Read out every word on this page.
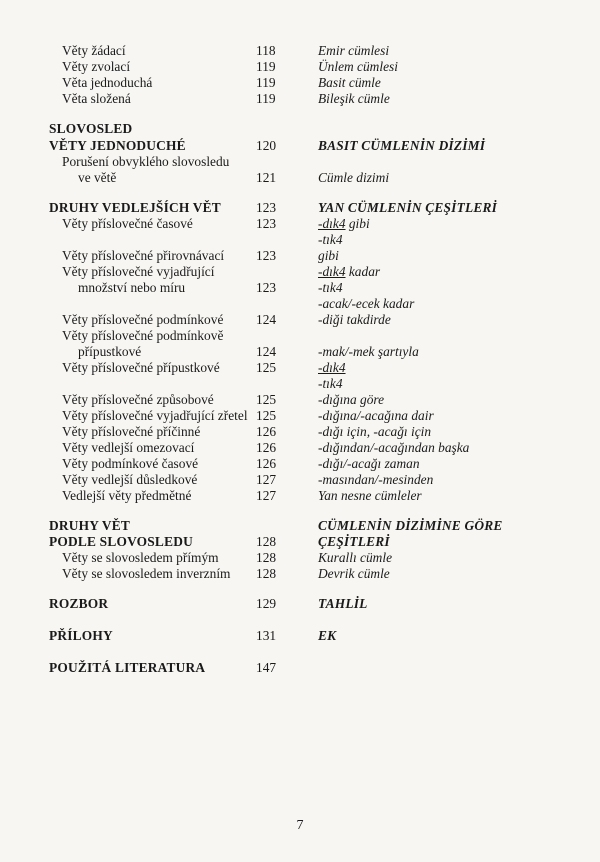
Věty žádací	118	Emir cümlesi
Věty zvolací	119	Ünlem cümlesi
Věta jednoduchá	119	Basit cümle
Věta složená	119	Bileşik cümle
SLOVOSLED
VĚTY JEDNODUCHÉ	120	BASIT CÜMLENİN DİZİMİ
Porušení obvyklého slovosledu
ve větě	121	Cümle dizimi
DRUHY VEDLEJŠÍCH VĚT	123	YAN CÜMLENİN ÇEŞİTLERİ
Věty příslovečné časové	123	-dık4 gibi
-tık4
Věty příslovečné přirovnávací 123	gibi
Věty příslovečné vyjadřující	-dık4 kadar
množství nebo míru	123	-tık4
-acak/-ecek kadar
Věty příslovečné podmínkové 124	-diği takdirde
Věty příslovečné podmínkově
přípustkové	124	-mak/-mek şartıyla
Věty příslovečné přípustkové	125	-dık4
-tık4
Věty příslovečné způsobové	125	-dığına göre
Věty příslovečné vyjadřující zřetel 125	-dığına/-acağına dair
Věty příslovečné příčinné	126	-dığı için, -acağı için
Věty vedlejší omezovací	126	-dığından/-acağından başka
Věty podmínkové časové	126	-dığı/-acağı zaman
Věty vedlejší důsledkové	127	-masından/-mesinden
Vedlejší věty předmětné	127	Yan nesne cümleler
DRUHY VĚT	CÜMLENİN DİZİMİNE GÖRE
PODLE SLOVOSLEDU	128	ÇEŞİTLERİ
Věty se slovosledem přímým	128	Kurallı cümle
Věty se slovosledem inverzním 128	Devrik cümle
ROZBOR	129	TAHLİL
PŘÍLOHY	131	EK
POUŽITÁ LITERATURA	147
7
